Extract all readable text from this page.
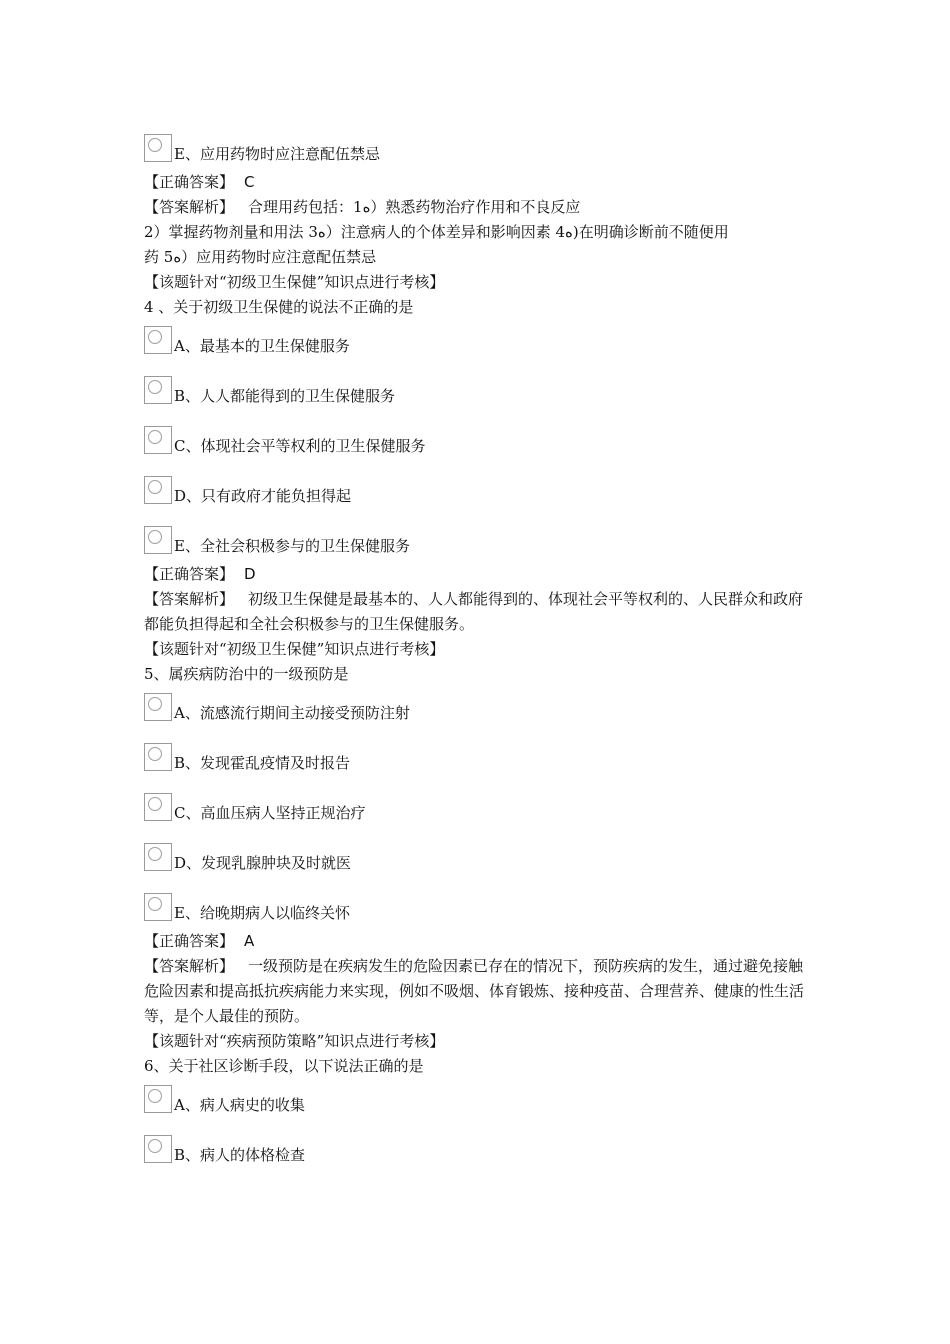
E、应用药物时应注意配伍禁忌
【正确答案】 C
【答案解析】 合理用药包括：1ﻩ）熟悉药物治疗作用和不良反应
2）掌握药物剂量和用法 3ﻩ）注意病人的个体差异和影响因素 4ﻩ)在明确诊断前不随便用
药 5ﻩ）应用药物时应注意配伍禁忌
【该题针对“初级卫生保健”知识点进行考核】
4 、关于初级卫生保健的说法不正确的是
A、最基本的卫生保健服务
B、人人都能得到的卫生保健服务
C、体现社会平等权利的卫生保健服务
D、只有政府才能负担得起
E、全社会积极参与的卫生保健服务
【正确答案】 D
【答案解析】 初级卫生保健是最基本的、人人都能得到的、体现社会平等权利的、人民群众和政府都能负担得起和全社会积极参与的卫生保健服务。
【该题针对“初级卫生保健”知识点进行考核】
5、属疾病防治中的一级预防是
A、流感流行期间主动接受预防注射
B、发现霍乱疫情及时报告
C、高血压病人坚持正规治疗
D、发现乳腺肿块及时就医
E、给晚期病人以临终关怀
【正确答案】 A
【答案解析】 一级预防是在疾病发生的危险因素已存在的情况下，预防疾病的发生，通过避免接触危险因素和提高抵抗疾病能力来实现，例如不吸烟、体育锻炼、接种疫苗、合理营养、健康的性生活等，是个人最佳的预防。
【该题针对“疾病预防策略”知识点进行考核】
6、关于社区诊断手段，以下说法正确的是
A、病人病史的收集
B、病人的体格检查
